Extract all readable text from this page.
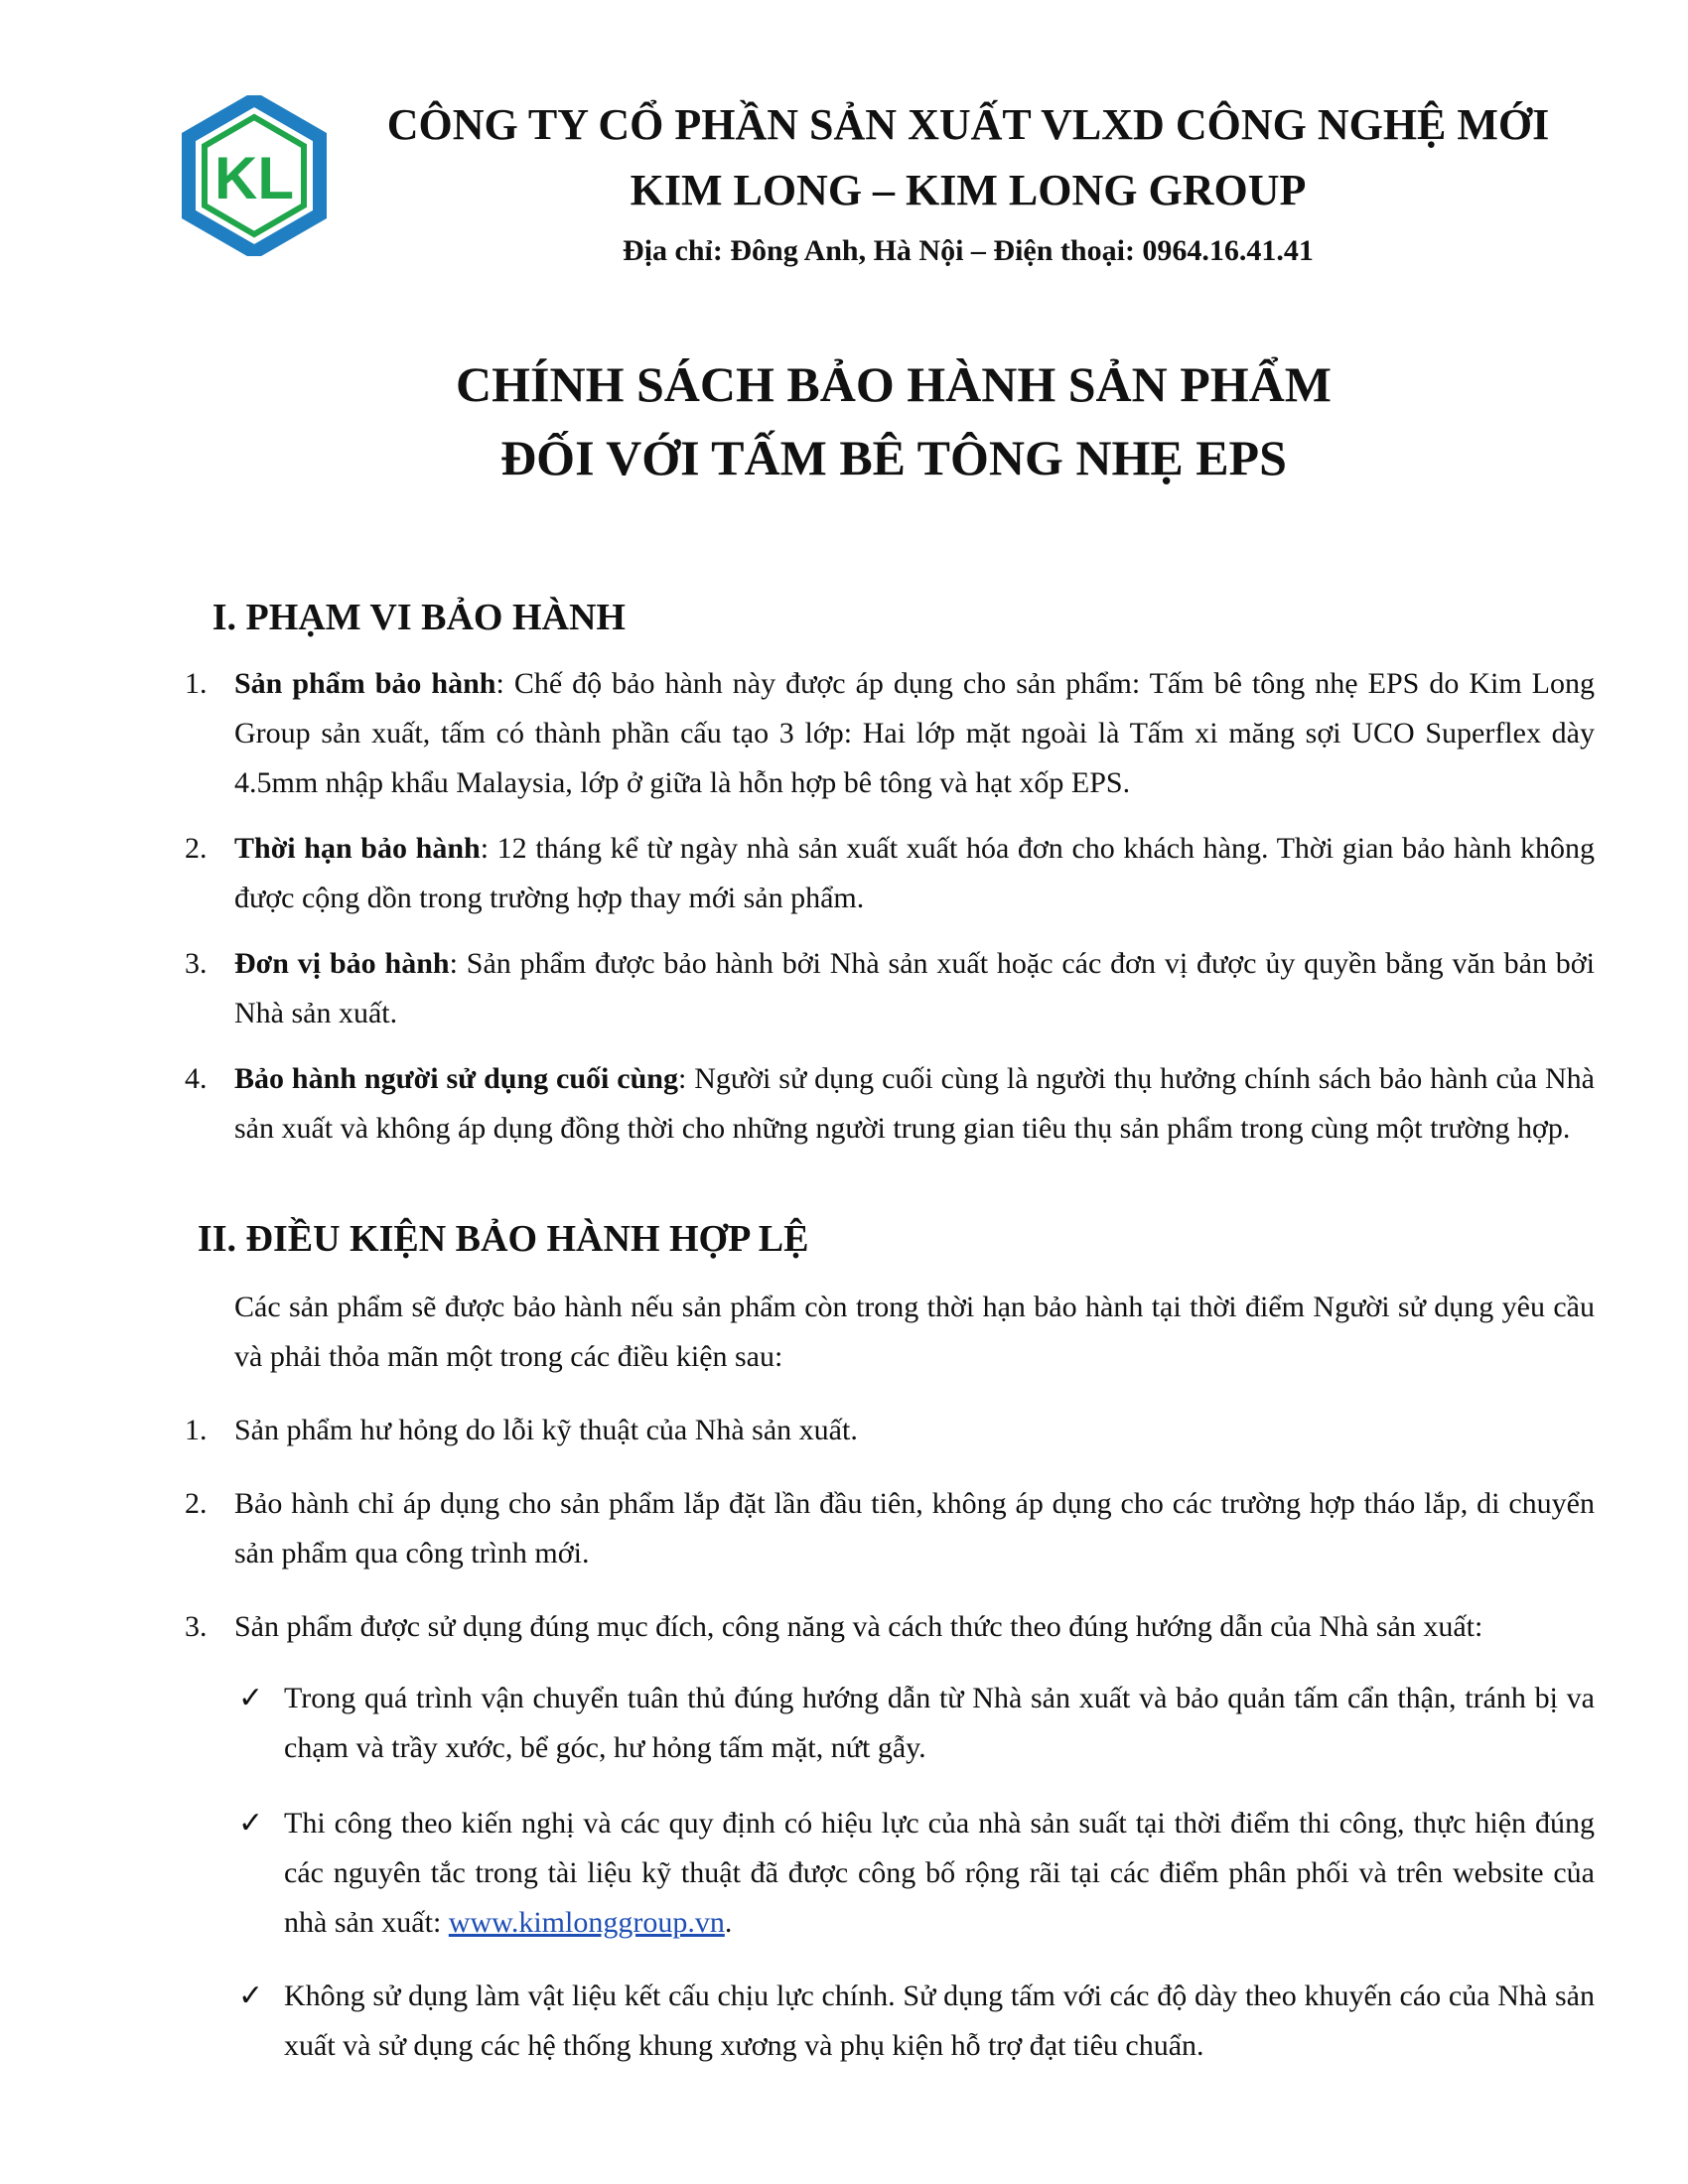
KL
CÔNG TY CỔ PHẦN SẢN XUẤT VLXD CÔNG NGHỆ MỚI
KIM LONG – KIM LONG GROUP
Địa chỉ: Đông Anh, Hà Nội – Điện thoại: 0964.16.41.41
CHÍNH SÁCH BẢO HÀNH SẢN PHẨM
ĐỐI VỚI TẤM BÊ TÔNG NHẸ EPS
I. PHẠM VI BẢO HÀNH

1. Sản phẩm bảo hành: Chế độ bảo hành này được áp dụng cho sản phẩm: Tấm bê tông nhẹ EPS do Kim Long Group sản xuất, tấm có thành phần cấu tạo 3 lớp: Hai lớp mặt ngoài là Tấm xi măng sợi UCO Superflex dày 4.5mm nhập khẩu Malaysia, lớp ở giữa là hỗn hợp bê tông và hạt xốp EPS.

2. Thời hạn bảo hành: 12 tháng kể từ ngày nhà sản xuất xuất hóa đơn cho khách hàng. Thời gian bảo hành không được cộng dồn trong trường hợp thay mới sản phẩm.

3. Đơn vị bảo hành: Sản phẩm được bảo hành bởi Nhà sản xuất hoặc các đơn vị được ủy quyền bằng văn bản bởi Nhà sản xuất.

4. Bảo hành người sử dụng cuối cùng: Người sử dụng cuối cùng là người thụ hưởng chính sách bảo hành của Nhà sản xuất và không áp dụng đồng thời cho những người trung gian tiêu thụ sản phẩm trong cùng một trường hợp.

II. ĐIỀU KIỆN BẢO HÀNH HỢP LỆ

Các sản phẩm sẽ được bảo hành nếu sản phẩm còn trong thời hạn bảo hành tại thời điểm Người sử dụng yêu cầu và phải thỏa mãn một trong các điều kiện sau:

1. Sản phẩm hư hỏng do lỗi kỹ thuật của Nhà sản xuất.

2. Bảo hành chỉ áp dụng cho sản phẩm lắp đặt lần đầu tiên, không áp dụng cho các trường hợp tháo lắp, di chuyển sản phẩm qua công trình mới.

3. Sản phẩm được sử dụng đúng mục đích, công năng và cách thức theo đúng hướng dẫn của Nhà sản xuất:

✓ Trong quá trình vận chuyển tuân thủ đúng hướng dẫn từ Nhà sản xuất và bảo quản tấm cẩn thận, tránh bị va chạm và trầy xước, bể góc, hư hỏng tấm mặt, nứt gẫy.

✓ Thi công theo kiến nghị và các quy định có hiệu lực của nhà sản suất tại thời điểm thi công, thực hiện đúng các nguyên tắc trong tài liệu kỹ thuật đã được công bố rộng rãi tại các điểm phân phối và trên website của nhà sản xuất: www.kimlonggroup.vn.

✓ Không sử dụng làm vật liệu kết cấu chịu lực chính. Sử dụng tấm với các độ dày theo khuyến cáo của Nhà sản xuất và sử dụng các hệ thống khung xương và phụ kiện hỗ trợ đạt tiêu chuẩn.
